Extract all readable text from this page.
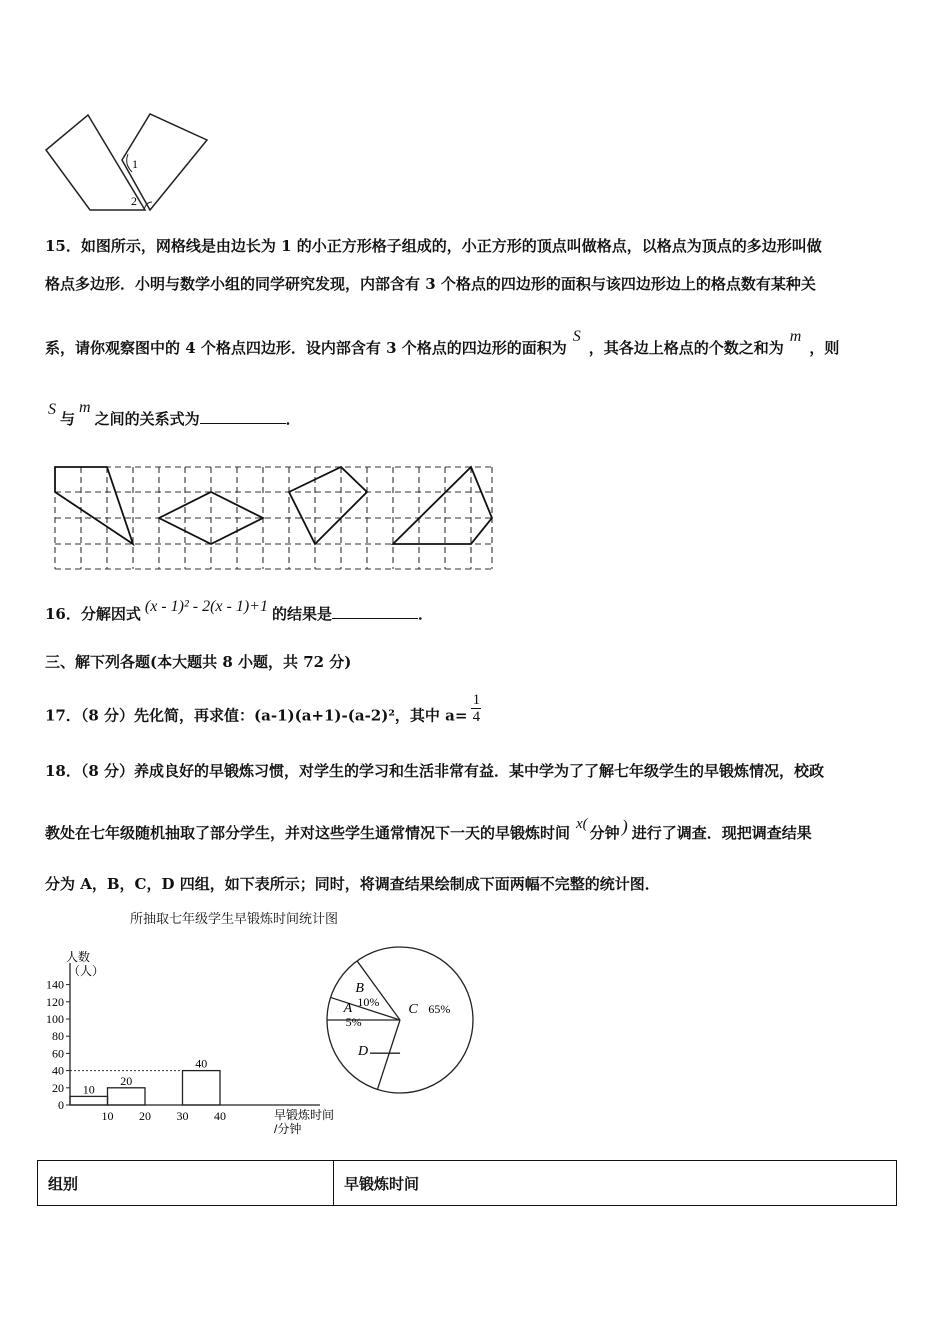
1
2
15．如图所示，网格线是由边长为 1 的小正方形格子组成的，小正方形的顶点叫做格点，以格点为顶点的多边形叫做
格点多边形．小明与数学小组的同学研究发现，内部含有 3 个格点的四边形的面积与该四边形边上的格点数有某种关
系，请你观察图中的 4 个格点四边形．设内部含有 3 个格点的四边形的面积为S，其各边上格点的个数之和为m，则
S与m之间的关系式为	．
16．分解因式 (x - 1)² - 2(x - 1)+1 的结果是	．
三、解下列各题(本大题共 8 小题，共 72 分)
17．（8 分）先化简，再求值：(a-1)(a+1)-(a-2)²，其中 $a= \frac{1}{4}$
18．（8 分）养成良好的早锻炼习惯，对学生的学习和生活非常有益．某中学为了了解七年级学生的早锻炼情况，校政
教处在七年级随机抽取了部分学生，并对这些学生通常情况下一天的早锻炼时间 x( 分钟 ) 进行了调查．现把调查结果
分为 A，B，C，D 四组，如下表所示；同时，将调查结果绘制成下面两幅不完整的统计图．
所抽取七年级学生早锻炼时间统计图
人数
（人）
0
20
40
60
80
100
120
140
10 20 30 40	早锻炼时间
/分钟
10
20
40
A
5%
B
10% C 65%
D
组别	早锻炼时间
